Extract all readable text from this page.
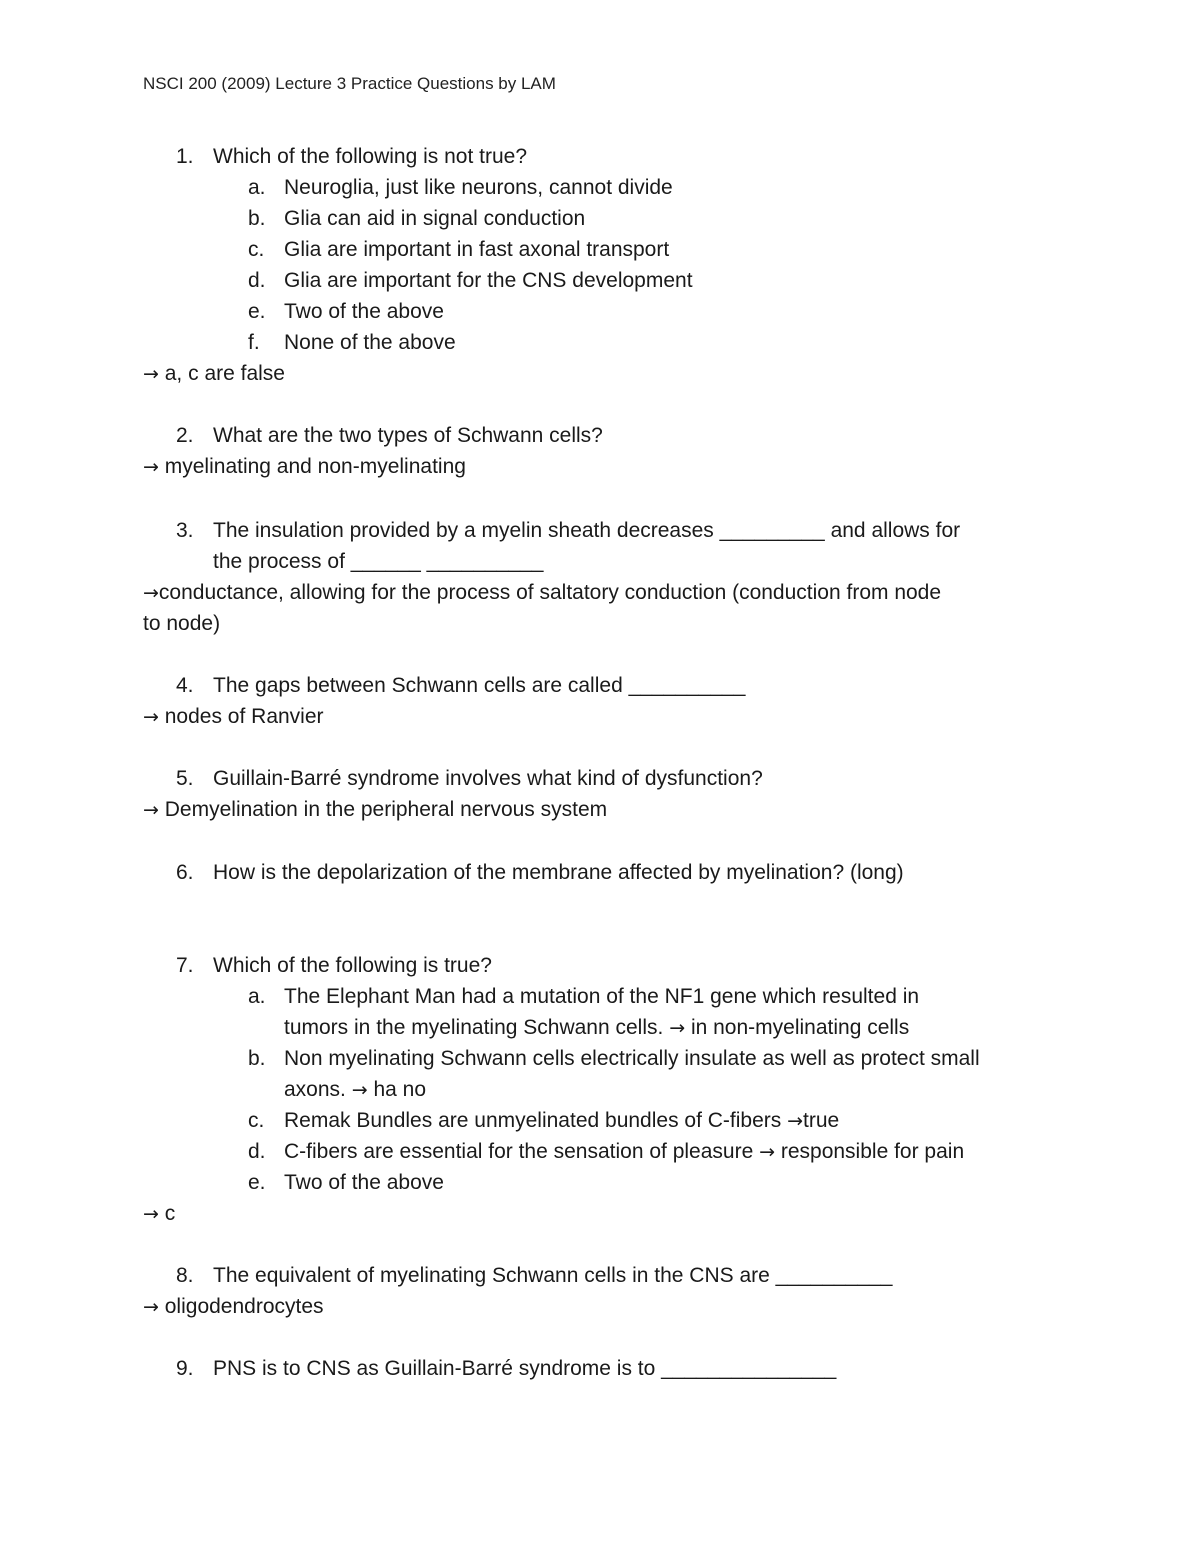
NSCI 200 (2009) Lecture 3 Practice Questions by LAM
1. Which of the following is not true?
a. Neuroglia, just like neurons, cannot divide
b. Glia can aid in signal conduction
c. Glia are important in fast axonal transport
d. Glia are important for the CNS development
e. Two of the above
f. None of the above
→ a, c are false
2. What are the two types of Schwann cells?
→ myelinating and non-myelinating
3. The insulation provided by a myelin sheath decreases _________ and allows for
the process of ______ __________
→conductance, allowing for the process of saltatory conduction (conduction from node
to node)
4. The gaps between Schwann cells are called __________
→ nodes of Ranvier
5. Guillain-Barré syndrome involves what kind of dysfunction?
→ Demyelination in the peripheral nervous system
6. How is the depolarization of the membrane affected by myelination? (long)
7. Which of the following is true?
a. The Elephant Man had a mutation of the NF1 gene which resulted in
tumors in the myelinating Schwann cells. → in non-myelinating cells
b. Non myelinating Schwann cells electrically insulate as well as protect small
axons. → ha no
c. Remak Bundles are unmyelinated bundles of C-fibers →true
d. C-fibers are essential for the sensation of pleasure → responsible for pain
e. Two of the above
→ c
8. The equivalent of myelinating Schwann cells in the CNS are __________
→ oligodendrocytes
9. PNS is to CNS as Guillain-Barré syndrome is to _______________
